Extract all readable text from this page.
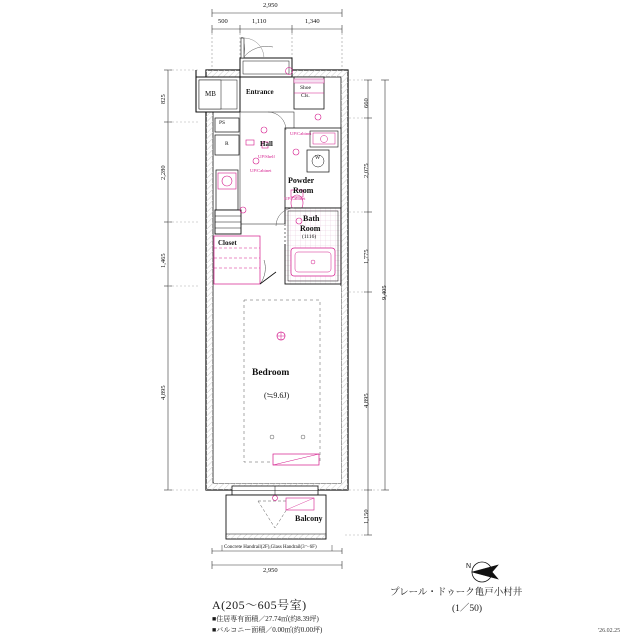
2,950
500	1,110	1,340
825
2,280
1,465
4,895
660
2,075
1,775
4,895
1,150
9,405
2,950
Concrete Handrail(2F),Glass Handrail(3〜6F)
MB	Entrance	Shoe
Cls.
PS
Hall
R
W
UP/Cabinet
UP/Shelf
UP/Cabinet
UP/Cabinet
Powder
Room
Bath
Room
(1116)
Closet
Bedroom
(≒9.6J)
Balcony
A(205〜605号室)
■住居専有面積／27.74㎡(約8.39坪)
■バルコニー面積／0.00㎡(約0.00坪)
プレール・ドゥーク亀戸小村井
(1／50)
'26.02.25
N
